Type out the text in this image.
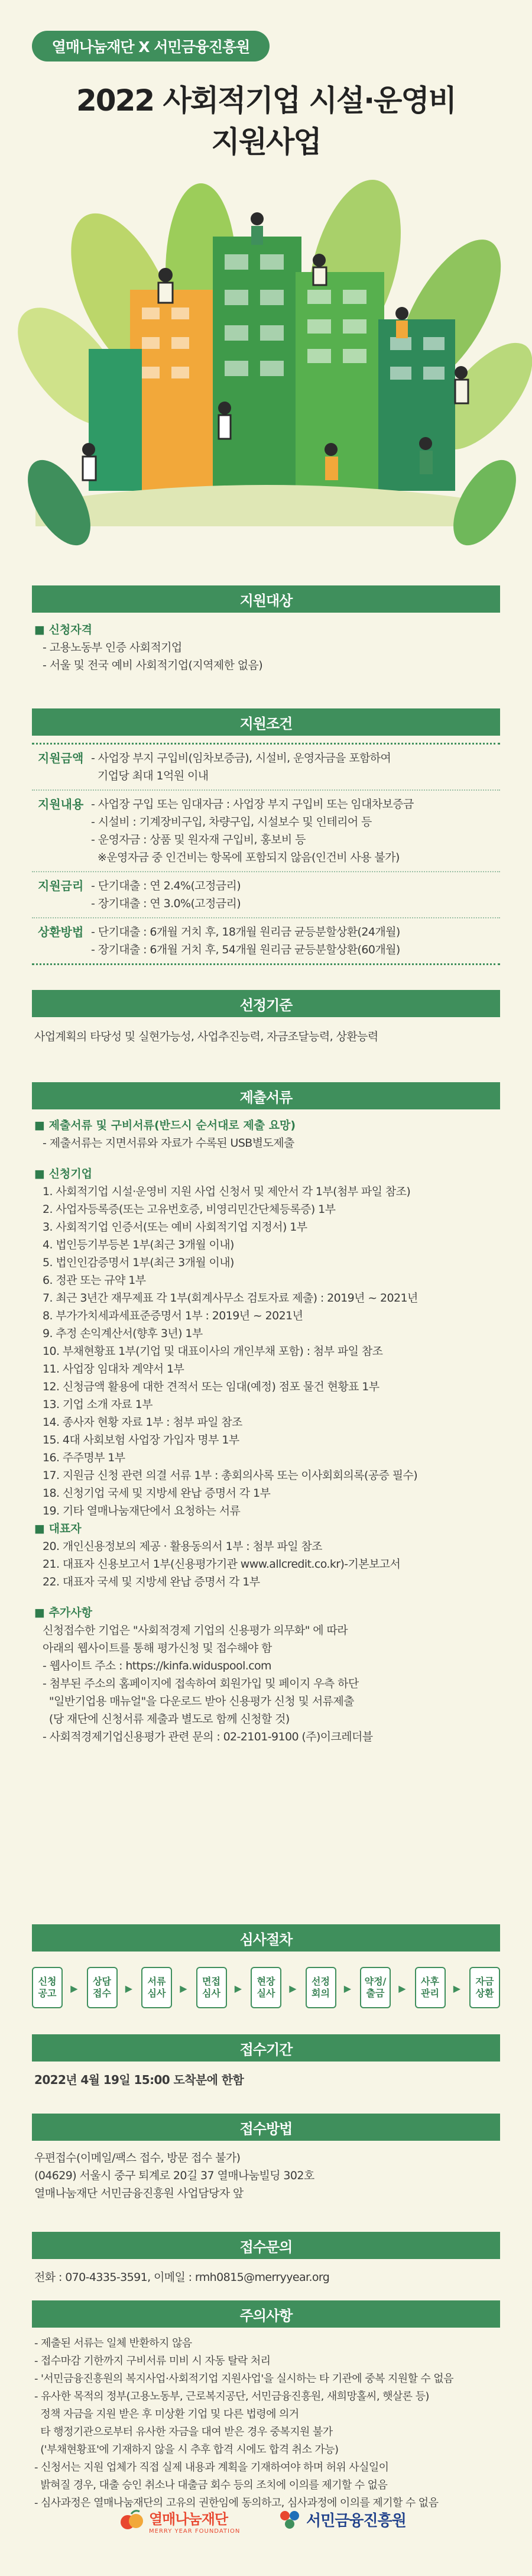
열매나눔재단 X 서민금융진흥원
2022 사회적기업 시설·운영비
지원사업
지원대상
■ 신청자격
- 고용노동부 인증 사회적기업
- 서울 및 전국 예비 사회적기업(지역제한 없음)
지원조건
지원금액 - 사업장 부지 구입비(임차보증금), 시설비, 운영자금을 포함하여
기업당 최대 1억원 이내
지원내용 - 사업장 구입 또는 임대자금 : 사업장 부지 구입비 또는 임대차보증금
- 시설비 : 기계장비구입, 차량구입, 시설보수 및 인테리어 등
- 운영자금 : 상품 및 원자재 구입비, 홍보비 등
※운영자금 중 인건비는 항목에 포함되지 않음(인건비 사용 불가)
지원금리 - 단기대출 : 연 2.4%(고정금리)
- 장기대출 : 연 3.0%(고정금리)
상환방법 - 단기대출 : 6개월 거치 후, 18개월 원리금 균등분할상환(24개월)
- 장기대출 : 6개월 거치 후, 54개월 원리금 균등분할상환(60개월)
선정기준
사업계획의 타당성 및 실현가능성, 사업추진능력, 자금조달능력, 상환능력
제출서류
■ 제출서류 및 구비서류(반드시 순서대로 제출 요망)
- 제출서류는 지면서류와 자료가 수록된 USB별도제출
■ 신청기업
1. 사회적기업 시설·운영비 지원 사업 신청서 및 제안서 각 1부(첨부 파일 참조)
2. 사업자등록증(또는 고유번호증, 비영리민간단체등록증) 1부
3. 사회적기업 인증서(또는 예비 사회적기업 지정서) 1부
4. 법인등기부등본 1부(최근 3개월 이내)
5. 법인인감증명서 1부(최근 3개월 이내)
6. 정관 또는 규약 1부
7. 최근 3년간 재무제표 각 1부(회계사무소 검토자료 제출) : 2019년 ~ 2021년
8. 부가가치세과세표준증명서 1부 : 2019년 ~ 2021년
9. 추정 손익계산서(향후 3년) 1부
10. 부채현황표 1부(기업 및 대표이사의 개인부채 포함) : 첨부 파일 참조
11. 사업장 임대차 계약서 1부
12. 신청금액 활용에 대한 견적서 또는 임대(예정) 점포 물건 현황표 1부
13. 기업 소개 자료 1부
14. 종사자 현황 자료 1부 : 첨부 파일 참조
15. 4대 사회보험 사업장 가입자 명부 1부
16. 주주명부 1부
17. 지원금 신청 관련 의결 서류 1부 : 총회의사록 또는 이사회회의록(공증 필수)
18. 신청기업 국세 및 지방세 완납 증명서 각 1부
19. 기타 열매나눔재단에서 요청하는 서류
■ 대표자
20. 개인신용정보의 제공 · 활용동의서 1부 : 첨부 파일 참조
21. 대표자 신용보고서 1부(신용평가기관 www.allcredit.co.kr)-기본보고서
22. 대표자 국세 및 지방세 완납 증명서 각 1부
■ 추가사항
신청접수한 기업은 "사회적경제 기업의 신용평가 의무화" 에 따라
아래의 웹사이트를 통해 평가신청 및 접수해야 함
- 웹사이트 주소 : https://kinfa.widuspool.com
- 첨부된 주소의 홈페이지에 접속하여 회원가입 및 페이지 우측 하단
"일반기업용 매뉴얼"을 다운로드 받아 신용평가 신청 및 서류제출
(당 재단에 신청서류 제출과 별도로 함께 신청할 것)
- 사회적경제기업신용평가 관련 문의 : 02-2101-9100 (주)이크레더블
심사절차
신청
공고	▶
상담
접수	▶
서류
심사	▶
면접
심사	▶
현장
실사	▶
선정
회의	▶
약정/
출금	▶
사후
관리	▶
자금
상환
접수기간
2022년 4월 19일 15:00 도착분에 한함
접수방법
우편접수(이메일/팩스 접수, 방문 접수 불가)
(04629) 서울시 중구 퇴계로 20길 37 열매나눔빌딩 302호
열매나눔재단 서민금융진흥원 사업담당자 앞
접수문의
전화 : 070-4335-3591, 이메일 : rmh0815@merryyear.org
주의사항
- 제출된 서류는 일체 반환하지 않음
- 접수마감 기한까지 구비서류 미비 시 자동 탈락 처리
- '서민금융진흥원의 복지사업·사회적기업 지원사업'을 실시하는 타 기관에 중복 지원할 수 없음
- 유사한 목적의 정부(고용노동부, 근로복지공단, 서민금융진흥원, 새희망홀씨, 햇살론 등)
정책 자금을 지원 받은 후 미상환 기업 및 다른 법령에 의거
타 행정기관으로부터 유사한 자금을 대여 받은 경우 중복지원 불가
('부채현황표'에 기재하지 않을 시 추후 합격 시에도 합격 취소 가능)
- 신청서는 지원 업체가 직접 실제 내용과 계획을 기재하여야 하며 허위 사실일이
밝혀질 경우, 대출 승인 취소나 대출금 회수 등의 조치에 이의를 제기할 수 없음
- 심사과정은 열매나눔재단의 고유의 권한임에 동의하고, 심사과정에 이의를 제기할 수 없음
열매나눔재단
MERRY YEAR FOUNDATION
서민금융진흥원
